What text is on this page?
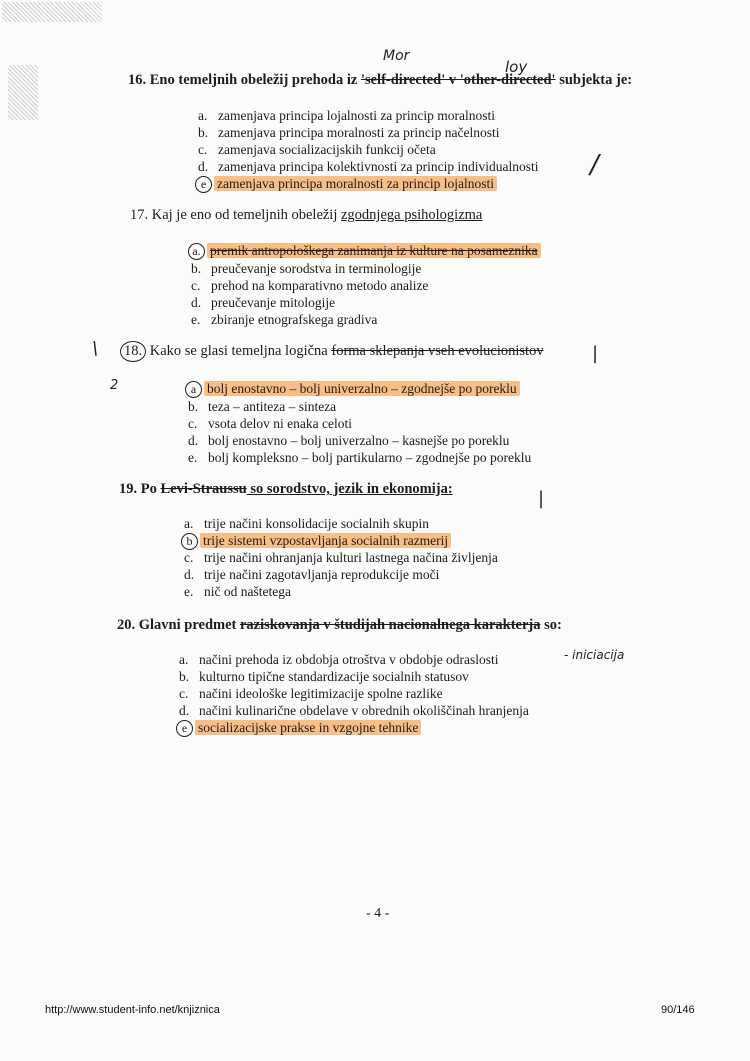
Mor
loy
16. Eno temeljnih obeležij prehoda iz 'self-directed' v 'other-directed' subjekta je:
a. zamenjava principa lojalnosti za princip moralnosti
b. zamenjava principa moralnosti za princip načelnosti
c. zamenjava socializacijskih funkcij očeta
d. zamenjava principa kolektivnosti za princip individualnosti
e zamenjava principa moralnosti za princip lojalnosti
/
17. Kaj je eno od temeljnih obeležij zgodnjega psihologizma
a. premik antropološkega zanimanja iz kulture na posameznika
b. preučevanje sorodstva in terminologije
c. prehod na komparativno metodo analize
d. preučevanje mitologije
e. zbiranje etnografskega gradiva
\ 18. Kako se glasi temeljna logična forma sklepanja vseh evolucionistov	|
2	a bolj enostavno – bolj univerzalno – zgodnejše po poreklu
b. teza – antiteza – sinteza
c. vsota delov ni enaka celoti
d. bolj enostavno – bolj univerzalno – kasnejše po poreklu
e. bolj kompleksno – bolj partikularno – zgodnejše po poreklu
19. Po Levi-Straussu so sorodstvo, jezik in ekonomija:	|
a. trije načini konsolidacije socialnih skupin
b trije sistemi vzpostavljanja socialnih razmerij
c. trije načini ohranjanja kulturi lastnega načina življenja
d. trije načini zagotavljanja reprodukcije moči
e. nič od naštetega
20. Glavni predmet raziskovanja v študijah nacionalnega karakterja so:
a. načini prehoda iz obdobja otroštva v obdobje odraslosti	- iniciacija
b. kulturno tipične standardizacije socialnih statusov
c. načini ideološke legitimizacije spolne razlike
d. načini kulinarične obdelave v obrednih okoliščinah hranjenja
e socializacijske prakse in vzgojne tehnike
- 4 -
http://www.student-info.net/knjiznica	90/146
